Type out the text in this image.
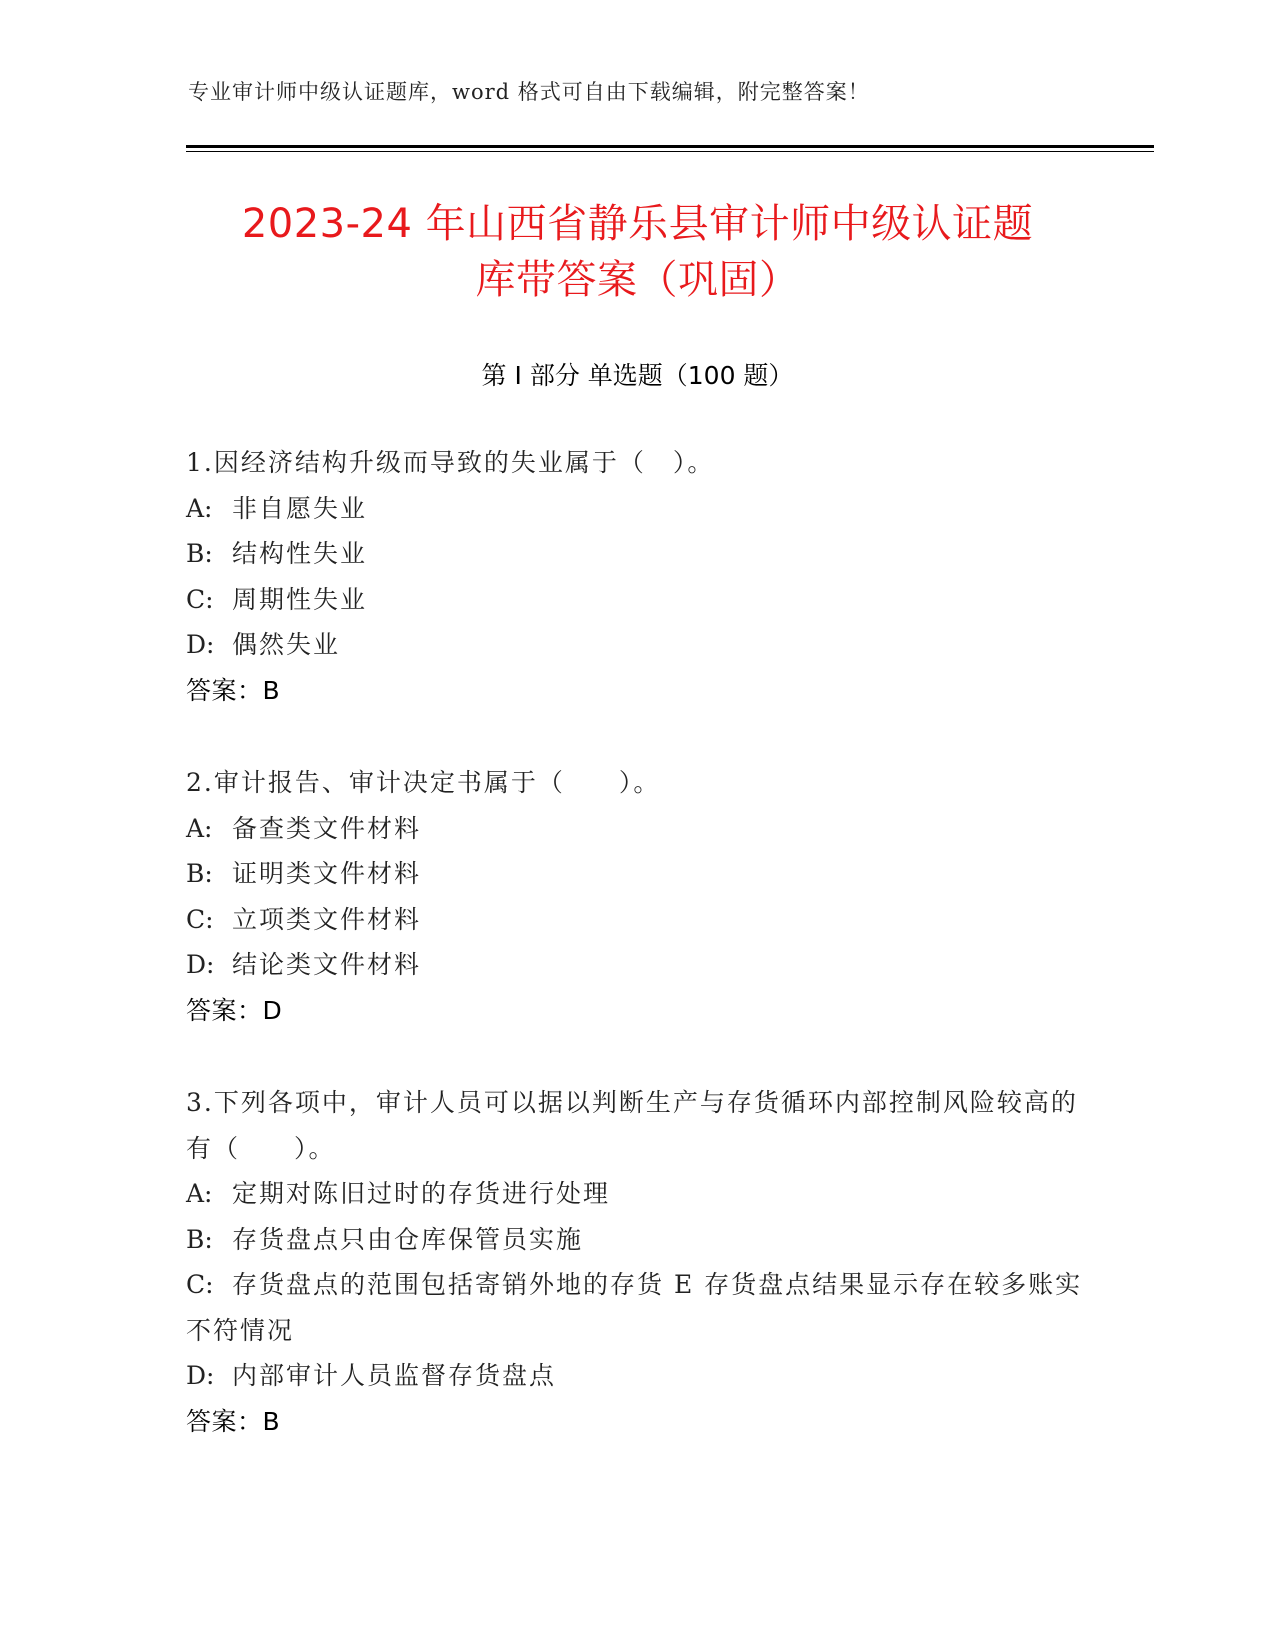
专业审计师中级认证题库，word 格式可自由下载编辑，附完整答案！
2023-24 年山西省静乐县审计师中级认证题
库带答案（巩固）
第 I 部分 单选题（100 题）
1.因经济结构升级而导致的失业属于（　）。
A: 非自愿失业
B: 结构性失业
C: 周期性失业
D: 偶然失业
答案：B
2.审计报告、审计决定书属于（　　）。
A: 备查类文件材料
B: 证明类文件材料
C: 立项类文件材料
D: 结论类文件材料
答案：D
3.下列各项中，审计人员可以据以判断生产与存货循环内部控制风险较高的有（　　）。
A: 定期对陈旧过时的存货进行处理
B: 存货盘点只由仓库保管员实施
C: 存货盘点的范围包括寄销外地的存货 E 存货盘点结果显示存在较多账实不符情况
D: 内部审计人员监督存货盘点
答案：B
